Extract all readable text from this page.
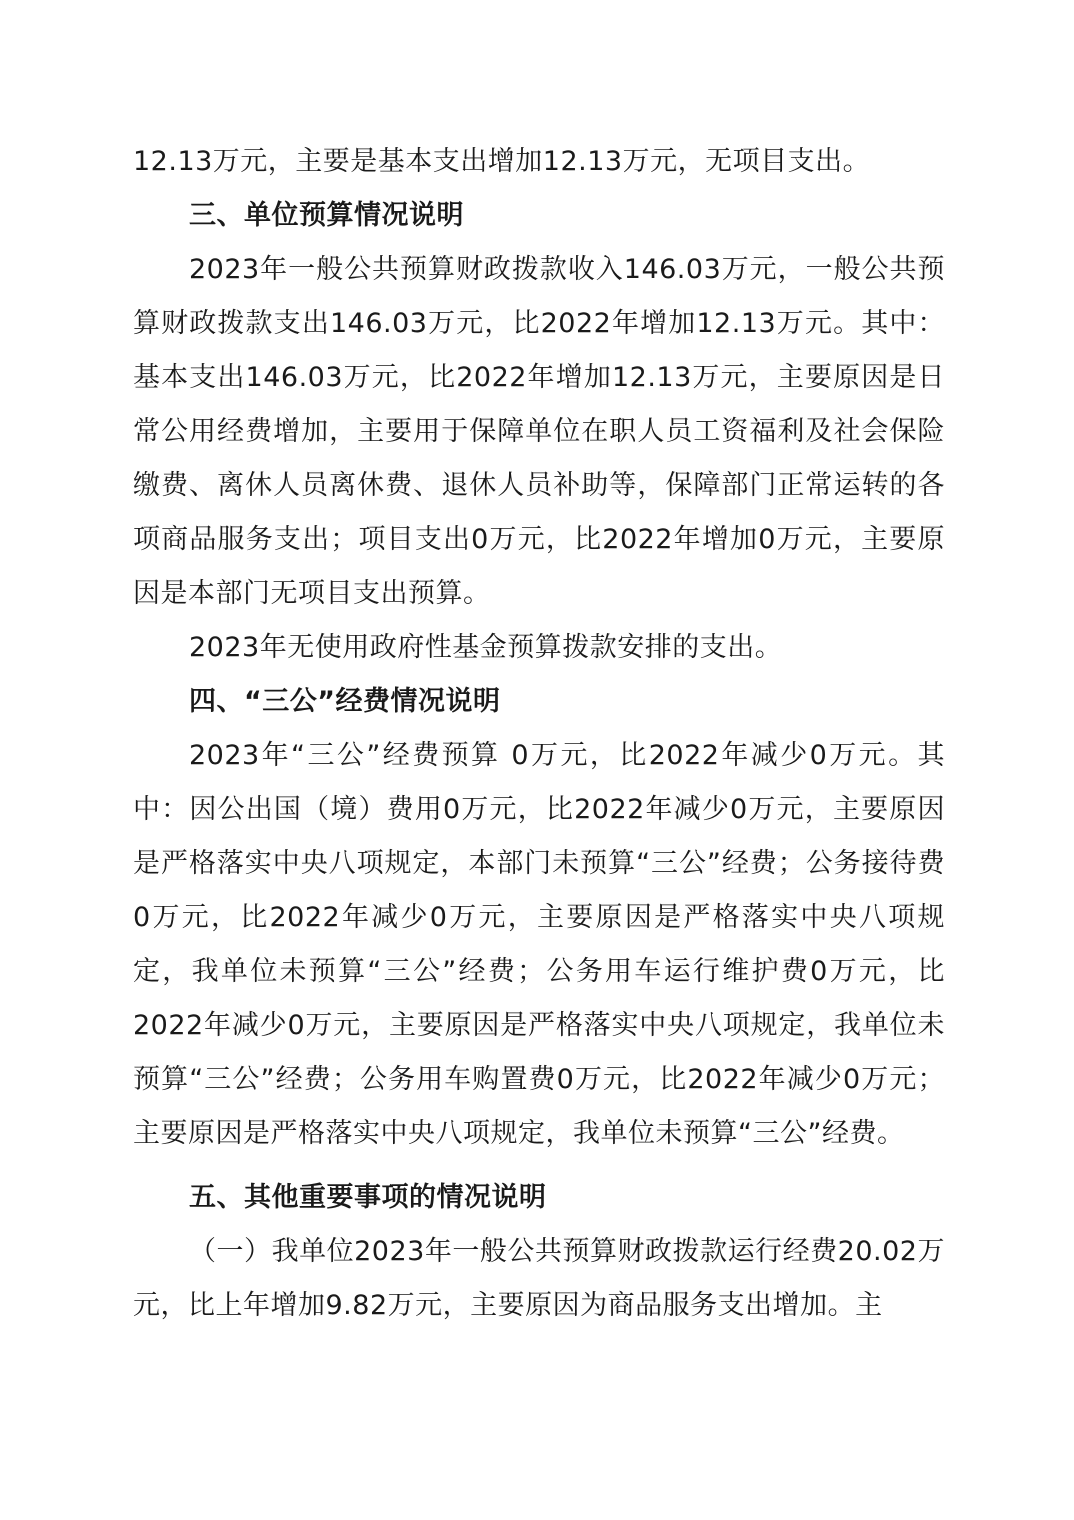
12.13万元，主要是基本支出增加12.13万元，无项目支出。

三、单位预算情况说明

2023年一般公共预算财政拨款收入146.03万元，一般公共预算财政拨款支出146.03万元，比2022年增加12.13万元。其中：基本支出146.03万元，比2022年增加12.13万元，主要原因是日常公用经费增加，主要用于保障单位在职人员工资福利及社会保险缴费、离休人员离休费、退休人员补助等，保障部门正常运转的各项商品服务支出；项目支出0万元，比2022年增加0万元，主要原因是本部门无项目支出预算。

2023年无使用政府性基金预算拨款安排的支出。

四、“三公”经费情况说明

2023年“三公”经费预算 0万元，比2022年减少0万元。其中：因公出国（境）费用0万元，比2022年减少0万元，主要原因是严格落实中央八项规定，本部门未预算“三公”经费；公务接待费0万元，比2022年减少0万元，主要原因是严格落实中央八项规定，我单位未预算“三公”经费；公务用车运行维护费0万元，比2022年减少0万元，主要原因是严格落实中央八项规定，我单位未预算“三公”经费；公务用车购置费0万元，比2022年减少0万元；主要原因是严格落实中央八项规定，我单位未预算“三公”经费。

五、其他重要事项的情况说明

（一）我单位2023年一般公共预算财政拨款运行经费20.02万元，比上年增加9.82万元，主要原因为商品服务支出增加。主
